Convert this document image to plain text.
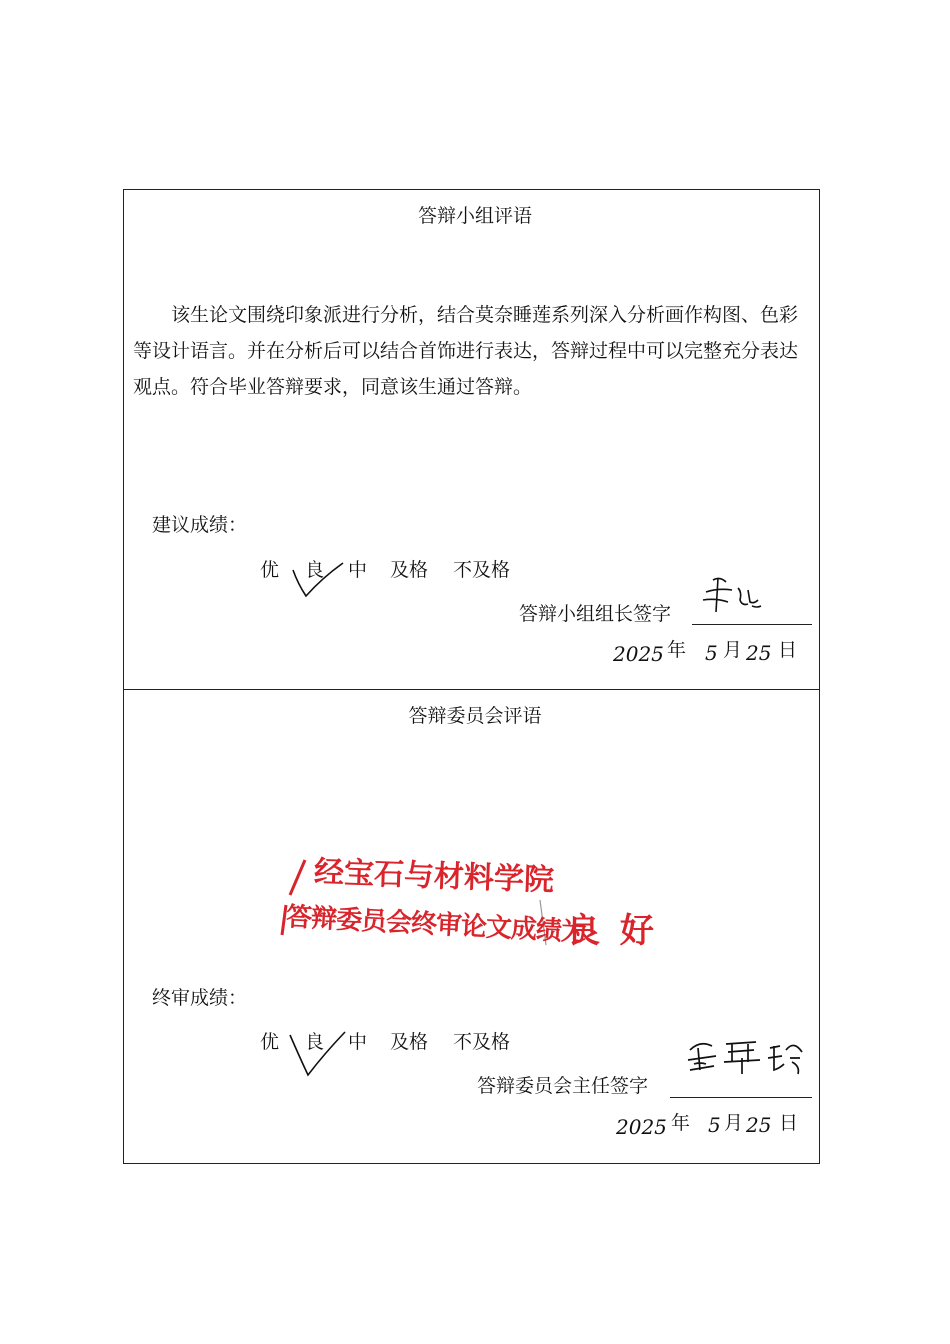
答辩小组评语
该生论文围绕印象派进行分析，结合莫奈睡莲系列深入分析画作构图、色彩等设计语言。并在分析后可以结合首饰进行表达，答辩过程中可以完整充分表达观点。符合毕业答辩要求，同意该生通过答辩。
建议成绩：
优 良 中 及格 不及格
答辩小组组长签字
2025 年 5 月 25 日
答辩委员会评语
经宝石与材料学院
答辩委员会终审论文成绩为
良 好
终审成绩：
优 良 中 及格 不及格
答辩委员会主任签字
2025 年 5 月 25 日
